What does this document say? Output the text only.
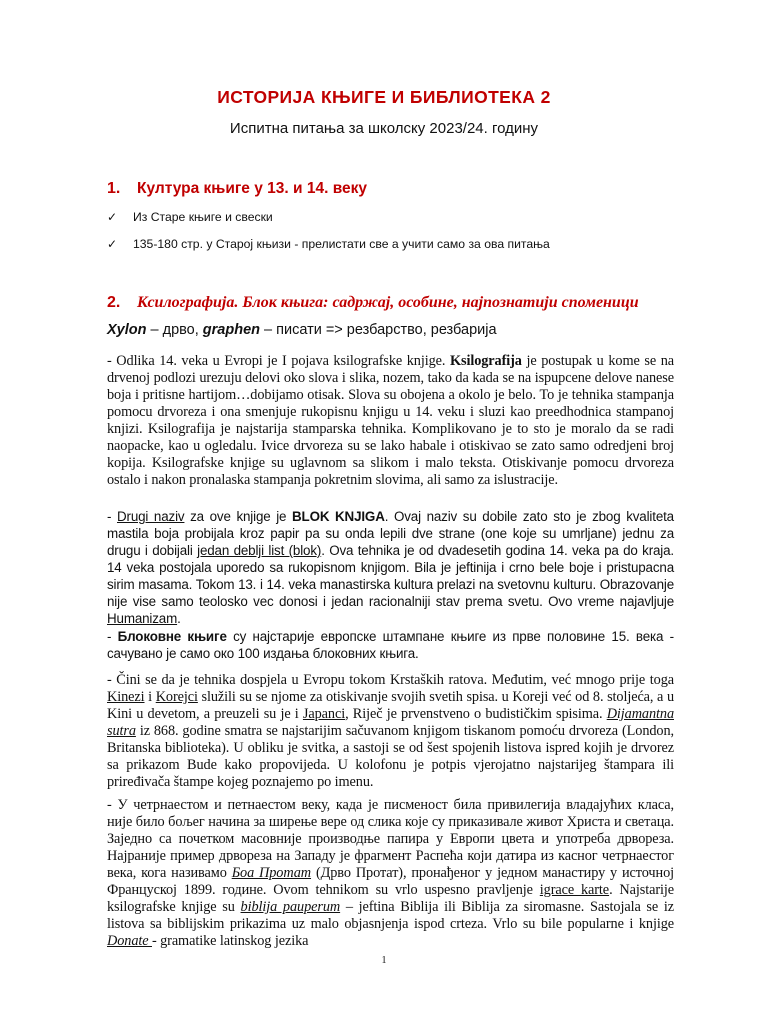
ИСТОРИЈА КЊИГЕ И БИБЛИОТЕКА 2
Испитна питања за школску 2023/24. годину
1. Култура књиге у 13. и 14. веку
✓ Из Старе књиге и свески
✓ 135-180 стр. у Старој књизи - прелистати све а учити само за ова питања
2. Ксилографија. Блок књига: садржај, особине, најпознатији споменици
Xylon – дрво, graphen – писати => резбарство, резбарија
- Odlika 14. veka u Evropi je I pojava ksilografske knjige. Ksilografija je postupak u kome se na drvenoj podlozi urezuju delovi oko slova i slika, nozem, tako da kada se na ispupcene delove nanese boja i pritisne hartijom…dobijamo otisak. Slova su obojena a okolo je belo. To je tehnika stampanja pomocu drvoreza i ona smenjuje rukopisnu knjigu u 14. veku i sluzi kao preedhodnica stampanoj knjizi. Ksilografija je najstarija stamparska tehnika. Komplikovano je to sto je moralo da se radi naopacke, kao u ogledalu. Ivice drvoreza su se lako habale i otiskivao se zato samo odredjeni broj kopija. Ksilografske knjige su uglavnom sa slikom i malo teksta. Otiskivanje pomocu drvoreza ostalo i nakon pronalaska stampanja pokretnim slovima, ali samo za islustracije.
- Drugi naziv za ove knjige je BLOK KNJIGA. Ovaj naziv su dobile zato sto je zbog kvaliteta mastila boja probijala kroz papir pa su onda lepili dve strane (one koje su umrljane) jednu za drugu i dobijali jedan deblji list (blok). Ova tehnika je od dvadesetih godina 14. veka pa do kraja. 14 veka postojala uporedo sa rukopisnom knjigom. Bila je jeftinija i crno bele boje i pristupacna sirim masama. Tokom 13. i 14. veka manastirska kultura prelazi na svetovnu kulturu. Obrazovanje nije vise samo teolosko vec donosi i jedan racionalniji stav prema svetu. Ovo vreme najavljuje Humanizam.
- Блоковне књиге су најстарије европске штампане књиге из прве половине 15. века - сачувано је само око 100 издања блоковних књига.
- Čini se da je tehnika dospjela u Evropu tokom Krstaških ratova. Međutim, već mnogo prije toga Kinezi i Korejci služili su se njome za otiskivanje svojih svetih spisa. u Koreji već od 8. stoljeća, a u Kini u devetom, a preuzeli su je i Japanci, Riječ je prvenstveno o budističkim spisima. Dijamantna sutra iz 868. godine smatra se najstarijim sačuvanom knjigom tiskanom pomoću drvoreza (London, Britanska biblioteka). U obliku je svitka, a sastoji se od šest spojenih listova ispred kojih je drvorez sa prikazom Bude kako propovijeda. U kolofonu je potpis vjerojatno najstarijeg štampara ili priređivača štampe kojeg poznajemo po imenu.
- У четрнаестом и петнаестом веку, када је писменост била привилегија владајућих класа, није било бољег начина за ширење вере од слика које су приказивале живот Христа и светаца. Заједно са почетком масовније производње папира у Европи цвета и употреба дрвореза. Најраније пример дрвореза на Западу је фрагмент Распећа који датира из касног четрнаестог века, кога називамо Боа Протат (Дрво Протат), пронађеног у једном манастиру у источној Француској 1899. године. Ovom tehnikom su vrlo uspesno pravljenje igrace karte. Najstarije ksilografske knjige su biblija pauperum – jeftina Biblija ili Biblija za siromasne. Sastojala se iz listova sa biblijskim prikazima uz malo objasnjenja ispod crteza. Vrlo su bile popularne i knjige Donate - gramatike latinskog jezika
1
